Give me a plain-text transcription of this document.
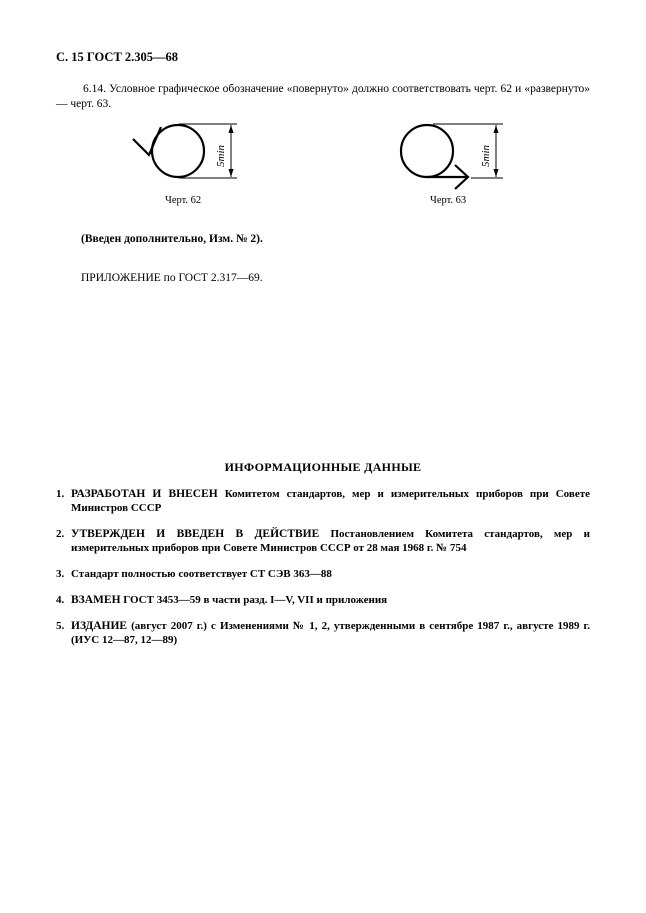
С. 15 ГОСТ 2.305—68
6.14. Условное графическое обозначение «повернуто» должно соответствовать черт. 62 и «развернуто» — черт. 63.
5min
Черт. 62
5min
Черт. 63
(Введен дополнительно, Изм. № 2).
ПРИЛОЖЕНИЕ по ГОСТ 2.317—69.
ИНФОРМАЦИОННЫЕ ДАННЫЕ
1. РАЗРАБОТАН И ВНЕСЕН Комитетом стандартов, мер и измерительных приборов при Совете Министров СССР
2. УТВЕРЖДЕН И ВВЕДЕН В ДЕЙСТВИЕ Постановлением Комитета стандартов, мер и измерительных приборов при Совете Министров СССР от 28 мая 1968 г. № 754
3. Стандарт полностью соответствует СТ СЭВ 363—88
4. ВЗАМЕН ГОСТ 3453—59 в части разд. I—V, VII и приложения
5. ИЗДАНИЕ (август 2007 г.) с Изменениями № 1, 2, утвержденными в сентябре 1987 г., августе 1989 г. (ИУС 12—87, 12—89)
